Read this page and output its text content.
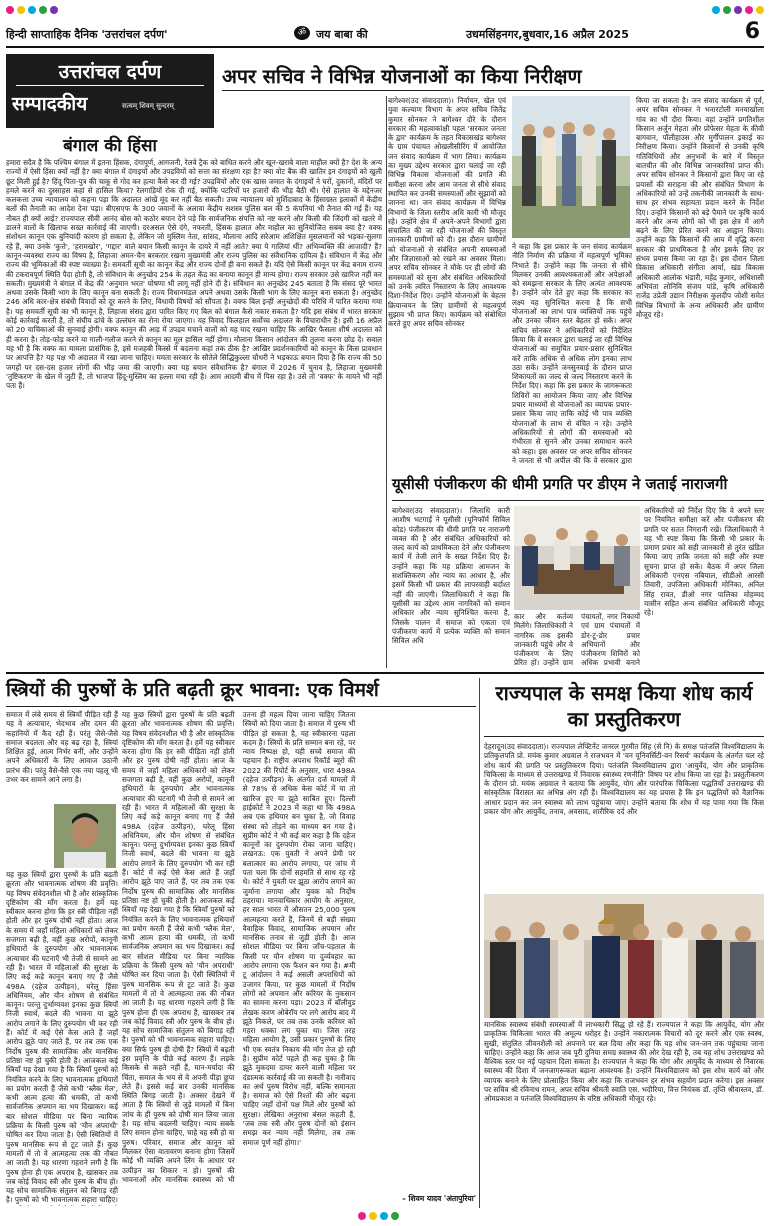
हिन्दी साप्ताहिक दैनिक 'उत्तरांचल दर्पण'	ॐ जय बाबा की	उधमसिंहनगर,बुधवार,16 अप्रैल 2025	6
उत्तरांचल दर्पण
सम्पादकीय	सत्यम् शिवम् सुन्दरम्
बंगाल की हिंसा
हमारा सदैव है कि पश्चिम बंगाल में इतना हिंसक, दंगापूर्ण, आगजनी, रेलवे ट्रैक को बाधित करने और खून-खराबे वाला माहौल क्यों है? देश के अन्य राज्यों में ऐसी हिंसा क्यों नहीं है? क्या बंगाल में दंगाइयों और उपद्रवियों को सत्ता का संरक्षण रहा है? क्या वोट बैंक की खातिर इन दंगाइयों को खुली छूट मिली हुई है? हिंदू पिता-पुत्र की चाकू से गोद कर हत्या कैसे कर दी गई? उपद्रवियों और एक खास जमात के दंगाइयों ने घरों, दुकानों, मंदिरों पर हमले करने का दुस्साहस कहां से हासिल किया? रेलगाड़ियों रोक दी गई, क्योंकि पटरियों पर हजारों की भीड़ बैठी थी। ऐसे हालात के मद्देनजर कलकत्ता उच्च न्यायालय को कहना पड़ा कि अदालत आंखें मूंद कर नहीं बैठ सकती। उच्च न्यायालय को मुर्शिदाबाद के हिंसाग्रस्त इलाकों में केंद्रीय बलों की तैनाती का आदेश देना पड़ा। बीएसएफ के 300 जवानों के अलावा केंद्रीय सशस्त्र पुलिस बल की 5 कंपनियां भी तैनात की गई हैं। यह नौबत ही क्यों आई? राज्यपाल सीवी आनंद बोस को कठोर बयान देने पड़े कि सार्वजनिक संपत्ति को नष्ट करने और किसी की जिंदगी को खतरे में डालने वालों के खिलाफ सख्त कार्रवाई की जाएगी। दरअसल ऐसे दंगे, नफरती, हिंसक हालात और माहौल का सुनियोजित सबब क्या है? वक्फ संशोधन कानून एक बुनियादी कारण हो सकता है, लेकिन जो मुस्लिम नेता, सांसद, मौलाना आदि सरेआम अशिक्षित मुसलमानों को भड़का-सुलगा रहे हैं, क्या उनके 'कुत्ते', 'हरामखोर', 'गद्दार' वाले बयान किसी कानून के दायरे में नहीं आते? क्या ये गालियां थीं? अभिव्यक्ति की आजादी? हैं? कानून-व्यवस्था राज्य का विषय है, लिहाजा अमन-चैन बरकरार रखना मुख्यमंत्री और राज्य पुलिस का संवैधानिक दायित्व है। संविधान में केंद्र और राज्य की भूमिकाओं की स्पष्ट व्याख्या है। समवर्ती सूची का कानून केंद्र और राज्य दोनों ही बना सकते हैं। यदि ऐसे किसी कानून पर केंद्र बनाम राज्य की टकरावपूर्ण स्थिति पैदा होती है, तो संविधान के अनुच्छेद 254 के तहत केंद्र का बनाया कानून ही मान्य होगा। राज्य सरकार उसे खारिज नहीं कर सकती। मुख्यमंत्री ने बंगाल में केंद्र की 'अनुमान भरत' घोषणा भी लागू नहीं होने दी है। संविधान का अनुच्छेद 245 बताता है कि संसद पूरे भारत अथवा उसके किसी भाग के लिए कानून बना सकती है। राज्य विधानमंडल अपने अथवा उसके किसी भाग के लिए कानून बना सकता है। अनुच्छेद 246 अधि कार-क्षेत्र संबंधी विवादों को दूर करने के लिए, विधायी विषयों को सौंपता है। वक्फ बिल इन्हीं अनुच्छेदों की परिधि में पारित कराया गया है। यह समवर्ती सूची का भी कानून है, लिहाजा संसद द्वारा पारित किए गए बिल को बंगाल कैसे नकार सकता है? यदि इस संबंध में भारत सरकार कोई कार्रवाई करती है, तो संघीय ढांचे के उल्लंघन का रोना रोया जाएगा। यह विवाद फिलहाल सर्वोच्च अदालत के विचाराधीन है। इसी 16 अप्रैल को 20 याचिकाओं की सुनवाई होगी। वक्फ कानून की आड़ में उपद्रव मचाने वालों को यह याद रखना चाहिए कि आखिर फैसला शीर्ष अदालत को ही करना है। तोड़-फोड़ करने या गाली-गलौज करने से कानून का मूल हासिल नहीं होगा। मौलाना किसान आंदोलन की तुलना करना छोड़ दें। सवाल यह भी है कि वक्फ का मामला प्रासंगिक है, इसे मजहबी किस्से में बदलना कहां तक ठीक है? आखिर प्रदर्शनकारियों को कानून के किस प्रावधान पर आपत्ति है? यह पक्ष भी अदालत में रखा जाना चाहिए। ममता सरकार के सौतेले सिद्धिकुल्ला चौधरी ने भड़काऊ बयान दिया है कि राज्य की 50 जगहों पर दस-दस हजार लोगों की भीड़ जमा की जाएगी। क्या यह बयान संवैधानिक है? बंगाल में 2026 में चुनाव है, लिहाजा मुख्यमंत्री 'तुष्टिकरण' के खेल में जुटी हैं, तो भाजपा हिंदू-मुस्लिम का हल्ला मचा रही है। आम आदमी बीच में पिस रहा है। उसे तो 'वक्फ' के मायने भी नहीं पता हैं।
अपर सचिव ने विभिन्न योजनाओं का किया निरीक्षण
यूसीसी पंजीकरण की धीमी प्रगति पर डीएम ने जताई नाराजगी
स्त्रियों की पुरुषों के प्रति बढ़ती क्रूर भावना: एक विमर्श	राज्यपाल के समक्ष किया शोध कार्य का प्रस्तुतिकरण
बागेश्वर(उद संवाददाता)। निर्वाचन, खेल एवं युवा कल्याण विभाग के अपर सचिव जितेंद्र कुमार सोनकर ने बागेश्वर दौरे के दौरान सरकार की महत्वाकांक्षी पहल 'सरकार जनता के द्वार' कार्यक्रम के तहत विकासखंड बागेश्वर के ग्राम पंचायत ओखलीसीरिंग में आयोजित जन संवाद कार्यक्रम में भाग लिया। कार्यक्रम का मुख्य उद्देश्य सरकार द्वारा चलाई जा रही विभिन्न विकास योजनाओं की प्रगति की समीक्षा करना और आम जनता से सीधे संवाद स्थापित कर उनकी समस्याओं और सुझावों को जानना था। जन संवाद कार्यक्रम में विभिन्न विभागों के जिला स्तरीय अधि कारी भी मौजूद रहे। उन्होंने क्षेत्र में अपने-अपने विभागों द्वारा संचालित की जा रही योजनाओं की विस्तृत जानकारी ग्रामीणों को दी। इस दौरान ग्रामीणों को योजनाओं से संबंधित अपनी समस्याओं और जिज्ञासाओं को रखने का अवसर मिला। अपर सचिव सोनकर ने मौके पर ही लोगों की समस्याओं को सुना और संबंधित अधिकारियों को उनके त्वरित निस्तारण के लिए आवश्यक दिशा-निर्देश दिए। उन्होंने योजनाओं के बेहतर क्रियान्वयन के लिए ग्रामीणों से महत्वपूर्ण सुझाव भी प्राप्त किए। कार्यक्रम को संबोधित करते हुए अपर सचिव सोनकर
किया जा सकता है। जन संवाद कार्यक्रम से पूर्व, अपर सचिव सोनकर ने भनारटोली मनयाखोला गांव का भी दौरा किया। वहां उन्होंने प्रगतिशील किसान अर्जुन मेहता और प्रोफेसर मेहता के कीवी बागवान, पॉलीहाउस और मुर्गीपालन इकाई का निरीक्षण किया। उन्होंने किसानों से उनकी कृषि गतिविधियों और अनुभवों के बारे में विस्तृत बातचीत की और विभिन्न जानकारियां प्राप्त कीं। अपर सचिव सोनकर ने किसानों द्वारा किए जा रहे प्रयासों की सराहना की और संबंधित विभाग के अधिकारियों को उन्हें तकनीकी जानकारी के साथ-साथ हर संभव सहायता प्रदान करने के निर्देश दिए। उन्होंने किसानों को बड़े पैमाने पर कृषि कार्य करने और अन्य लोगों को भी इस क्षेत्र में आगे बढ़ने के लिए प्रेरित करने का आह्वान किया। उन्होंने कहा कि किसानों की आय में वृद्धि करना सरकार की प्राथमिकता है और इसके लिए हर संभव प्रयास किया जा रहा है। इस दौरान जिला विकास अधिकारी संगीता आर्या, खंड विकास अधिकारी आलोक भंडारी, महेंद्र कुमार, अधिशासी अभियंता लोनिवि संजय पांडे, कृषि अधिकारी राजेंद्र उप्रेती उद्यान निरीक्षक कुलदीप जोशी समेत विभिन्न विभागों के अन्य अधिकारी और ग्रामीण मौजूद रहे।
ने कहा कि इस प्रकार के जन संवाद कार्यक्रम नीति निर्माण की प्रक्रिया में महत्वपूर्ण भूमिका निभाते हैं। उन्होंने कहा कि जनता से सीधे मिलकर उनकी आवश्यकताओं और अपेक्षाओं को समझना सरकार के लिए अत्यंत आवश्यक है। उन्होंने जोर देते हुए कहा कि सरकार का लक्ष्य यह सुनिश्चित करना है कि सभी योजनाओं का लाभ पात्र व्यक्तियों तक पहुंचे और उनका जीवन स्तर बेहतर हो सके। अपर सचिव सोनकर ने अधिकारियों को निर्देशित किया कि वे सरकार द्वारा चलाई जा रही विभिन्न योजनाओं का समुचित प्रचार-प्रसार सुनिश्चित करें ताकि अधिक से अधिक लोग इनका लाभ उठा सकें। उन्होंने जनसुनवाई के दौरान प्राप्त शिकायतों का जल्द से जल्द निस्तारण करने के निर्देश दिए। कहा कि इस प्रकार के जागरूकता शिविरों का आयोजन किया जाए और विभिन्न प्रचार माध्यमों से योजनाओं का व्यापक प्रचार-प्रसार किया जाए ताकि कोई भी पात्र व्यक्ति योजनाओं के लाभ से वंचित न रहे। उन्होंने अधिकारियों से लोगों की समस्याओं को गंभीरता से सुनने और उनका समाधान करने को कहा। इस अवसर पर अपर सचिव सोनकर ने जनता से भी अपील की कि वे सरकार द्वारा
बागेश्वर(उद संवाददाता)। जिलाधि कारी आशीष भटगाईं ने यूसीसी (यूनिफॉर्म सिविल कोड) पंजीकरण की धीमी प्रगति पर नाराजगी व्यक्त की है और संबंधित अधिकारियों को जल्द कार्य को प्राथमिकता देने और पंजीकरण कार्य में तेजी लाने के सख्त निर्देश दिए हैं। उन्होंने कहा कि यह प्रक्रिया आमजन के सशक्तिकरण और न्याय का आधार है, और इसमें किसी भी प्रकार की लापरवाही बर्दाश्त नहीं की जाएगी। जिलाधिकारी ने कहा कि यूसीसी का उद्देश्य आम नागरिकों को समान अधिकार और न्याय सुनिश्चित करना है, जिसके पालन में समाज को एकता एवं पंजीकरण कार्य में प्रत्येक व्यक्ति को समान सिविल अधि
कार और कर्तव्य मिलेंगे। जिलाधिकारी ने नागरिक तक इसकी जानकारी पहुंचे और वे पंजीकरण के लिए प्रेरित हों। उन्होंने ग्राम पंचायतों, नगर निकायों एवं ग्राम पंचायतों में डोर-टू-डोर प्रचार अभियानों और पंजीकरण शिविरों को अधिक प्रभावी बनाने
अधिकारियों को निर्देश दिए कि वे अपने स्तर पर नियमित समीक्षा करें और पंजीकरण की प्रगति पर सतत निगरानी रखें। जिलाधिकारी ने यह भी स्पष्ट किया कि किसी भी प्रकार के प्रमाण प्रचार को सही जानकारी से तुरंत खंडित किया जाए ताकि जनता को सही और स्पष्ट सूचना प्राप्त हो सके। बैठक में अपर जिला अधिकारी एनएस नबियाल, सीडीओ आरसी तिवारी, उपजिला अधिकारी मोनिका, अनिल सिंह रावत, डीओ नगर पालिका मोहम्मद यासीन सहित अन्य संबंधित अधिकारी मौजूद रहे।
समाज में लंबे समय से स्त्रियाँ पीड़ित रही हैं यह वे अत्याचार, भेदभाव और दमन की कहानियों में कैद रही हैं। परंतु जैसे-जैसे समाज बदलता और वह बढ़ रहा है, स्त्रियां शिक्षित हुई, आत्म निर्भर बनीं, और उन्होंने अपने अधिकारों के लिए आवाज उठानी प्रारंभ की। परंतु वैसे-वैसे एक नया पहलू भी उभर कर सामने आने लगा है।
यह कुछ स्त्रियों द्वारा पुरुषों के प्रति बढ़ती क्रूरता और भावनात्मक शोषण की प्रवृत्ति। यह विषय संवेदनशील भी है और सांस्कृतिक दृष्टिकोण की माँग करता है। हमें यह स्वीकार करना होगा कि हर स्त्री पीड़िता नहीं होती और हर पुरुष दोषी नहीं होता। आज के समय में जहाँ महिला अधिकारों को लेकर सजगता बढ़ी है, वहीं कुछ अरोपों, कानूनी हथियारों के दुरुपयोग और भावनात्मक अत्याचार की घटनाएँ भी तेजी से सामने आ रही हैं। भारत में महिलाओं की सुरक्षा के लिए कई कड़े कानून बनाए गए हैं जैसे 498A (दहेज उत्पीड़न), घरेलू हिंसा अधिनियम, और यौन शोषण से संबंधित कानून। परन्तु दुर्भाग्यवश इनका कुछ स्त्रियाँ निजी स्वार्थ, बदले की भावना या झूठे आरोप लगाने के लिए दुरुपयोग भी कर रही हैं। कोर्ट में कई ऐसे केस आते हैं जहाँ आरोप झूठे पाए जाते हैं, पर तब तक एक निर्दोष पुरुष की सामाजिक और मानसिक प्रतिष्ठा नष्ट हो चुकी होती है। आजकल कई स्त्रियाँ यह देखा गया है कि स्त्रियाँ पुरुषों को नियंत्रित करने के लिए भावनात्मक हथियारों का प्रयोग करती हैं जैसे कभी 'ब्लैक मेल', कभी आत्म हत्या की धमकी, तो कभी सार्वजनिक अपमान का भय दिखाकर। कई बार सोशल मीडिया पर बिना न्यायिक प्रक्रिया के किसी पुरुष को 'यौन अपराधी' घोषित कर दिया जाता है। ऐसी स्थितियों में पुरुष मानसिक रूप से टूट जाते हैं। कुछ मामलों में तो वे आत्महत्या तक की नौबत आ जाती है। यह धारणा गहराने लगी है कि पुरुष होना ही एक अपराध है, खासकर तब जब कोई विवाद स्त्री और पुरुष के बीच हो। यह सोच सामाजिक संतुलन को बिगाड़ रही है। पुरुषों को भी भावनात्मक सहारा चाहिए। क्या सिर्फ पुरुष ही दोषी हैं? स्त्रियों में बढ़ती इस प्रवृत्ति के पीछे कई कारण हैं। लड़के किसके से कहते नहीं हैं, मान-मर्यादा की चिंता, समाज के भय से वे अपनी पीड़ा छुपा लेते हैं। इससे कई बार उनकी मानसिक स्थिति बिगड़ जाती है। अक्सर देखने में आता है कि स्त्रियों से जुड़े मामलों में बिना जांच के ही पुरुष को दोषी मान लिया जाता है। यह सोच बदलनी चाहिए। न्याय सबके लिए समान होना चाहिए, चाहे वह स्त्री हो या पुरुष। परिवार, समाज और कानून को मिलकर ऐसा वातावरण बनाना होगा जिसमें कोई भी व्यक्ति अपने लिंग के आधार पर उत्पीड़न का शिकार न हो। पुरुषों की भावनाओं और मानसिक स्वास्थ्य को भी उतना ही महत्व दिया जाना चाहिए जितना स्त्रियों को दिया जाता है। समाज में पुरुष भी पीड़ित हो सकता है, यह स्वीकारना पहला कदम है। स्त्रियों के प्रति सम्मान बना रहे, पर न्याय निष्पक्ष हो, यही सच्चे समाज की पहचान है। राष्ट्रीय अपराध रिकॉर्ड ब्यूरो की 2022 की रिपोर्ट के अनुसार, धारा 498A (दहेज उत्पीड़न) के अंतर्गत दर्ज मामलों में से 78% से अधिक केस कोर्ट में या तो खारिज हुए या झूठे साबित हुए। दिल्ली हाईकोर्ट ने 2023 में कहा था कि 498A अब एक हथियार बन चुका है, जो विवाह संस्था को तोड़ने का माध्यम बन गया है। सुप्रीम कोर्ट ने भी कई बार कहा है कि दहेज कानूनों का दुरुपयोग रोका जाना चाहिए। लखनऊ: एक युवती ने अपने प्रेमी पर बलात्कार का आरोप लगाया, पर जांच में पता चला कि दोनों सहमति से साथ रह रहे थे। कोर्ट ने युवती पर झूठा आरोप लगाने का जुर्माना लगाया और युवक को निर्दोष ठहराया। मानवाधिकार आयोग के अनुसार, हर साल भारत में औसतन 25,000 पुरुष आत्महत्या करते हैं, जिनमें से बड़ी संख्या वैवाहिक विवाद, सामाजिक अपमान और मानसिक तनाव से जुड़ी होती है। आज सोशल मीडिया पर बिना जाँच-पड़ताल के किसी पर यौन शोषण या दुर्व्यवहार का आरोप लगाना एक फैशन बन गया है। #मी टू आंदोलन ने कई असली अपराधियों को उजागर किया, पर कुछ मामलों में निर्दोष लोगों को अपमान और करियर के नुकसान का सामना करना पड़ा। 2023 में बॉलीवुड लेखक करण ओबेरॉय पर लगे आरोप बाद में झूठे निकले, पर तब तक उनके करियर को गहरा धक्का लग चुका था। जिस तरह महिला आयोग है, उसी प्रकार पुरुषों के लिए भी एक स्वतंत्र निकाय की माँग तेज हो रही है। सुप्रीम कोर्ट पहले ही कह चुका है कि झूठे मुकदमा दायर करने वाली महिला पर दंडात्मक कार्रवाई की जा सकती है। नारीवाद का अर्थ पुरुष विरोध नहीं, बल्कि समानता है। समाज को ऐसे रिश्तों की ओर बढ़ना चाहिए जहाँ दोनों पक्ष मिलें और पुरुषों को सुरक्षा। लेखिका अनुराधा बंसल कहती हैं, 'जब तक स्त्री और पुरुष दोनों को इंसान समझ कर न्याय नहीं मिलेगा, तब तक समाज पूर्ण नहीं होगा।'
– शिवम यादव 'अंतापुरिया'
यह कुछ स्त्रियों द्वारा पुरुषों के प्रति बढ़ती क्रूरता और भावनात्मक शोषण की प्रवृत्ति। यह विषय संवेदनशील भी है और सांस्कृतिक दृष्टिकोण की माँग करता है। हमें यह स्वीकार करना होगा कि हर स्त्री पीड़िता नहीं होती और हर पुरुष दोषी नहीं होता। आज के समय में जहाँ महिला अधिकारों को लेकर सजगता बढ़ी है, वहीं कुछ अरोपों, कानूनी हथियारों के दुरुपयोग और भावनात्मक अत्याचार की घटनाएँ भी तेजी से सामने आ रही हैं। भारत में महिलाओं की सुरक्षा के लिए कई कड़े कानून बनाए गए हैं जैसे 498A (दहेज उत्पीड़न), घरेलू हिंसा अधिनियम, और यौन शोषण से संबंधित कानून। परन्तु दुर्भाग्यवश इनका कुछ स्त्रियाँ निजी स्वार्थ, बदले की भावना या झूठे आरोप लगाने के लिए दुरुपयोग भी कर रही हैं। कोर्ट में कई ऐसे केस आते हैं जहाँ आरोप झूठे पाए जाते हैं, पर तब तक एक निर्दोष पुरुष की सामाजिक और मानसिक प्रतिष्ठा नष्ट हो चुकी होती है। आजकल कई स्त्रियाँ यह देखा गया है कि स्त्रियाँ पुरुषों को नियंत्रित करने के लिए भावनात्मक हथियारों का प्रयोग करती हैं जैसे कभी 'ब्लैक मेल', कभी आत्म हत्या की धमकी, तो कभी सार्वजनिक अपमान का भय दिखाकर। कई बार सोशल मीडिया पर बिना न्यायिक प्रक्रिया के किसी पुरुष को 'यौन अपराधी' घोषित कर दिया जाता है। ऐसी स्थितियों में पुरुष मानसिक रूप से टूट जाते हैं। कुछ मामलों में तो वे आत्महत्या तक की नौबत आ जाती है। यह धारणा गहराने लगी है कि पुरुष होना ही एक अपराध है, खासकर तब जब कोई विवाद स्त्री और पुरुष के बीच हो। यह सोच सामाजिक संतुलन को बिगाड़ रही है। पुरुषों को भी भावनात्मक सहारा चाहिए।
देहरादून(उद संवाददाता)। राज्यपाल लेफ्टिनेंट जनरल गुरमीत सिंह (से नि) के समक्ष पतंजलि विश्वविद्यालय के प्रतिकुलपति प्रो. मयंक कुमार अग्रवाल ने राजभवन में 'वन यूनिवर्सिटी-वन रिसर्च' कार्यक्रम के अंतर्गत चल रहे शोध कार्य की प्रगति पर प्रस्तुतिकरण दिया। पतंजलि विश्वविद्यालय द्वारा 'आयुर्वेद, योग और प्राकृतिक चिकित्सा के माध्यम से उत्तराखण्ड में निवारक स्वास्थ्य रणनीति' विषय पर शोध किया जा रहा है। प्रस्तुतीकरण के दौरान प्रो. मयंक अग्रवाल ने बताया कि आयुर्वेद, योग और पारंपरिक चिकित्सा पद्धतियाँ उत्तराखण्ड की सांस्कृतिक विरासत का अभिन्न अंग रही हैं। विश्वविद्यालय का यह प्रयास है कि इन पद्धतियों को वैज्ञानिक आधार प्रदान कर जन स्वास्थ्य को लाभ पहुंचाया जाए। उन्होंने बताया कि शोध में यह पाया गया कि किस प्रकार योग और आयुर्वेद, तनाव, अवसाद, शारीरिक दर्द और
मानसिक स्वास्थ्य संबंधी समस्याओं में लाभकारी सिद्ध हो रहे हैं। राज्यपाल ने कहा कि आयुर्वेद, योग और प्राकृतिक चिकित्सा भारत की अमूल्य धरोहर है। उन्होंने नकारात्मक विचारों को दूर करने और एक स्वस्थ, सुखी, संतुलित जीवनशैली को अपनाने पर बल दिया और कहा कि यह शोध जन-जन तक पहुंचाया जाना चाहिए। उन्होंने कहा कि आज जब पूरी दुनिया समग्र स्वास्थ्य की ओर देख रही है, तब यह शोध उत्तराखण्ड को वैश्विक स्तर पर नई पहचान दिला सकता है। राज्यपाल ने कहा कि योग और आयुर्वेद के माध्यम से निवारक स्वास्थ्य की दिशा में जनजागरूकता बढ़ाना आवश्यक है। उन्होंने विश्वविद्यालय को इस शोध कार्य को और व्यापक बनाने के लिए प्रोत्साहित किया और कहा कि राजभवन हर संभव सहयोग प्रदान करेगा। इस अवसर पर सचिव श्री रविनाथ रामन, अपर सचिव श्रीमती स्वाति एस. भदौरिया, वित्त नियंत्रक डॉ. तृप्ति श्रीवास्तव, डॉ. ओमप्रकाश व पतंजलि विश्वविद्यालय के वरिष्ठ अधिकारी मौजूद रहे।
